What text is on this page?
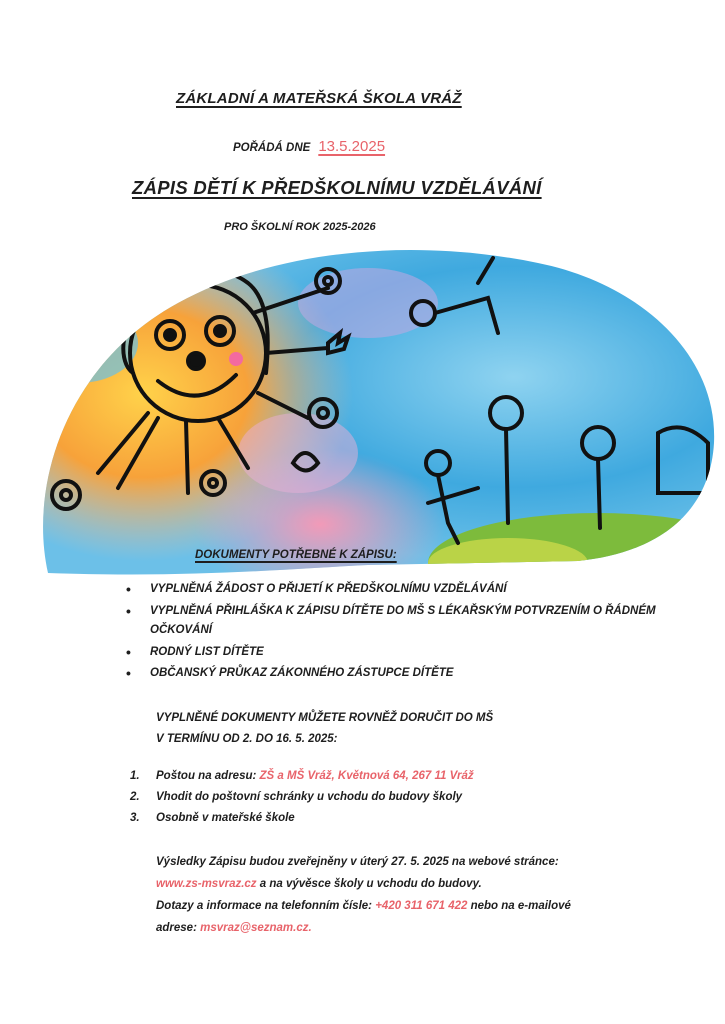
ZÁKLADNÍ A MATEŘSKÁ ŠKOLA VRÁŽ
POŘÁDÁ DNE 13.5.2025
ZÁPIS DĚTÍ K PŘEDŠKOLNÍMU VZDĚLÁVÁNÍ
PRO ŠKOLNÍ ROK 2025-2026
DOKUMENTY POTŘEBNÉ K ZÁPISU:
• VYPLNĚNÁ ŽÁDOST O PŘIJETÍ K PŘEDŠKOLNÍMU VZDĚLÁVÁNÍ
• VYPLNĚNÁ PŘIHLÁŠKA K ZÁPISU DÍTĚTE DO MŠ S LÉKAŘSKÝM POTVRZENÍM O ŘÁDNÉM OČKOVÁNÍ
• RODNÝ LIST DÍTĚTE
• OBČANSKÝ PRŮKAZ ZÁKONNÉHO ZÁSTUPCE DÍTĚTE
VYPLNĚNÉ DOKUMENTY MŮŽETE ROVNĚŽ DORUČIT DO MŠ
V TERMÍNU OD 2. DO 16. 5. 2025:
1. Poštou na adresu: ZŠ a MŠ Vráž, Květnová 64, 267 11 Vráž
2. Vhodit do poštovní schránky u vchodu do budovy školy
3. Osobně v mateřské škole
Výsledky Zápisu budou zveřejněny v úterý 27. 5. 2025 na webové stránce:
www.zs-msvraz.cz a na vývěsce školy u vchodu do budovy.
Dotazy a informace na telefonním čísle: +420 311 671 422 nebo na e-mailové
adrese: msvraz@seznam.cz.
